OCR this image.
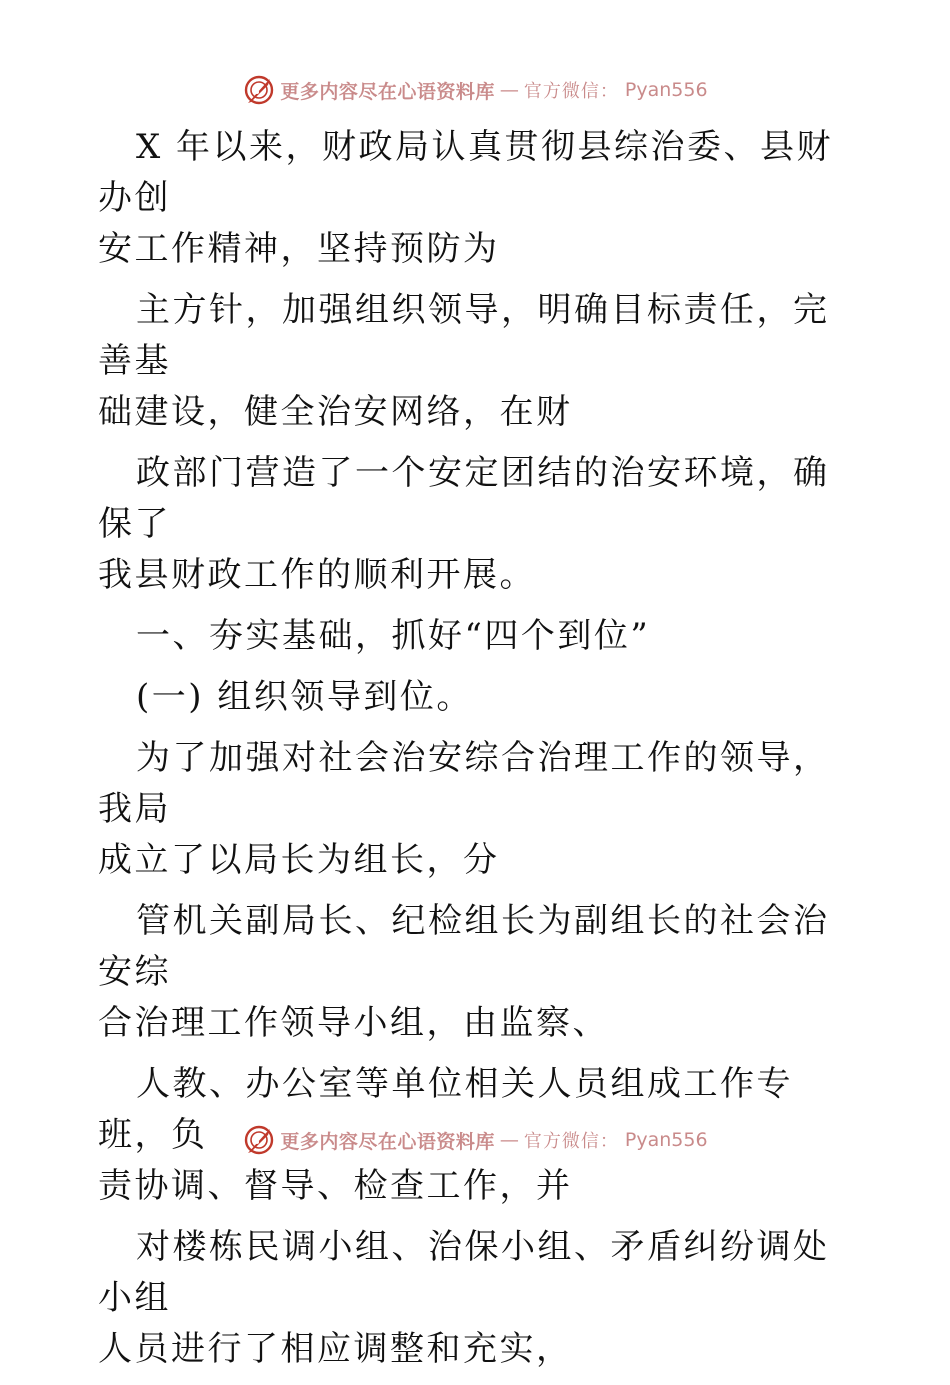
更多内容尽在心语资料库 — 官方微信： Pyan556

X 年以来，财政局认真贯彻县综治委、县财办创
安工作精神，坚持预防为

主方针，加强组织领导，明确目标责任，完善基
础建设，健全治安网络，在财

政部门营造了一个安定团结的治安环境，确保了
我县财政工作的顺利开展。

一、夯实基础，抓好“四个到位”

(一) 组织领导到位。

为了加强对社会治安综合治理工作的领导，我局
成立了以局长为组长，分

管机关副局长、纪检组长为副组长的社会治安综
合治理工作领导小组，由监察、

人教、办公室等单位相关人员组成工作专班，负
责协调、督导、检查工作，并

对楼栋民调小组、治保小组、矛盾纠纷调处小组
人员进行了相应调整和充实，

更多内容尽在心语资料库 — 官方微信： Pyan556
